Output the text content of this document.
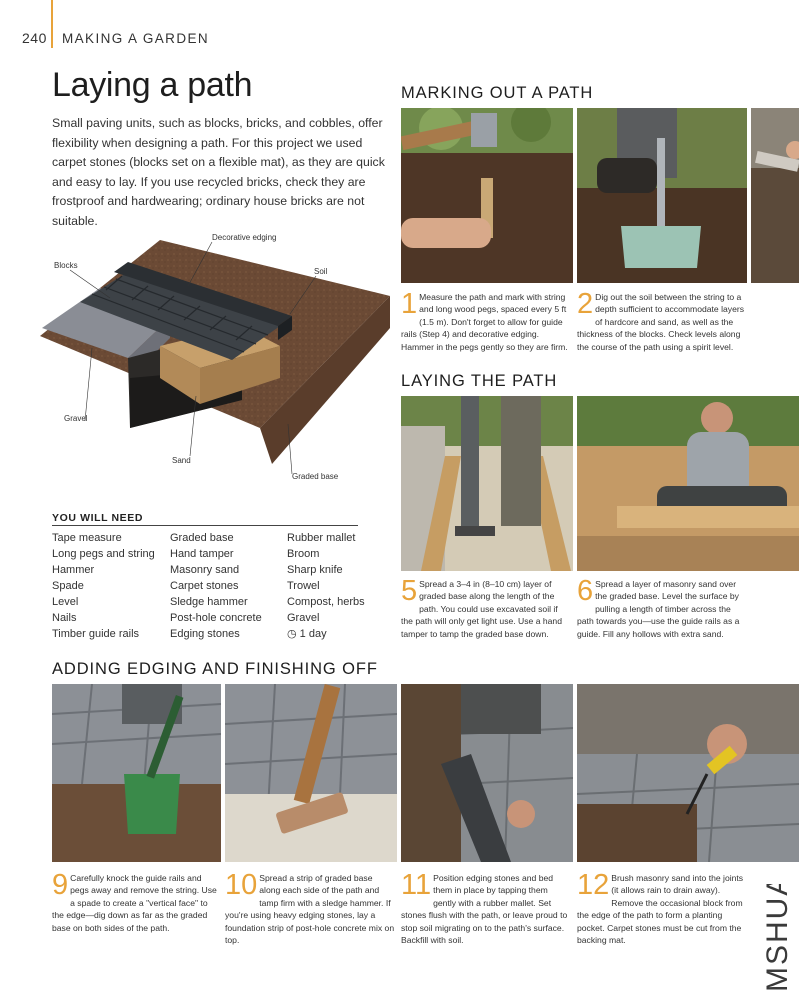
240 MAKING A GARDEN
Laying a path
Small paving units, such as blocks, bricks, and cobbles, offer flexibility when designing a path. For this project we used carpet stones (blocks set on a flexible mat), as they are quick and easy to lay. If you use recycled bricks, check they are frostproof and hardwearing; ordinary house bricks are not suitable.
Decorative edging
Blocks
Soil
Gravel
Sand
Graded base
YOU WILL NEED
Tape measure
Long pegs and string
Hammer
Spade
Level
Nails
Timber guide rails
Graded base
Hand tamper
Masonry sand
Carpet stones
Sledge hammer
Post-hole concrete
Edging stones
Rubber mallet
Broom
Sharp knife
Trowel
Compost, herbs
Gravel
◷ 1 day
MARKING OUT A PATH
LAYING THE PATH
ADDING EDGING AND FINISHING OFF
1 Measure the path and mark with string and long wood pegs, spaced every 5 ft (1.5 m). Don't forget to allow for guide rails (Step 4) and decorative edging. Hammer in the pegs gently so they are firm.
2 Dig out the soil between the string to a depth sufficient to accommodate layers of hardcore and sand, as well as the thickness of the blocks. Check levels along the course of the path using a spirit level.
5 Spread a 3–4 in (8–10 cm) layer of graded base along the length of the path. You could use excavated soil if the path will only get light use. Use a hand tamper to tamp the graded base down.
6 Spread a layer of masonry sand over the graded base. Level the surface by pulling a length of timber across the path towards you—use the guide rails as a guide. Fill any hollows with extra sand.
9 Carefully knock the guide rails and pegs away and remove the string. Use a spade to create a "vertical face" to the edge—dig down as far as the graded base on both sides of the path.
10 Spread a strip of graded base along each side of the path and tamp firm with a sledge hammer. If you're using heavy edging stones, lay a foundation strip of post-hole concrete mix on top.
11 Position edging stones and bed them in place by tapping them gently with a rubber mallet. Set stones flush with the path, or leave proud to stop soil migrating on to the path's surface. Backfill with soil.
12 Brush masonry sand into the joints (it allows rain to drain away). Remove the occasional block from the edge of the path to form a planting pocket. Carpet stones must be cut from the backing mat.	MSHUA
